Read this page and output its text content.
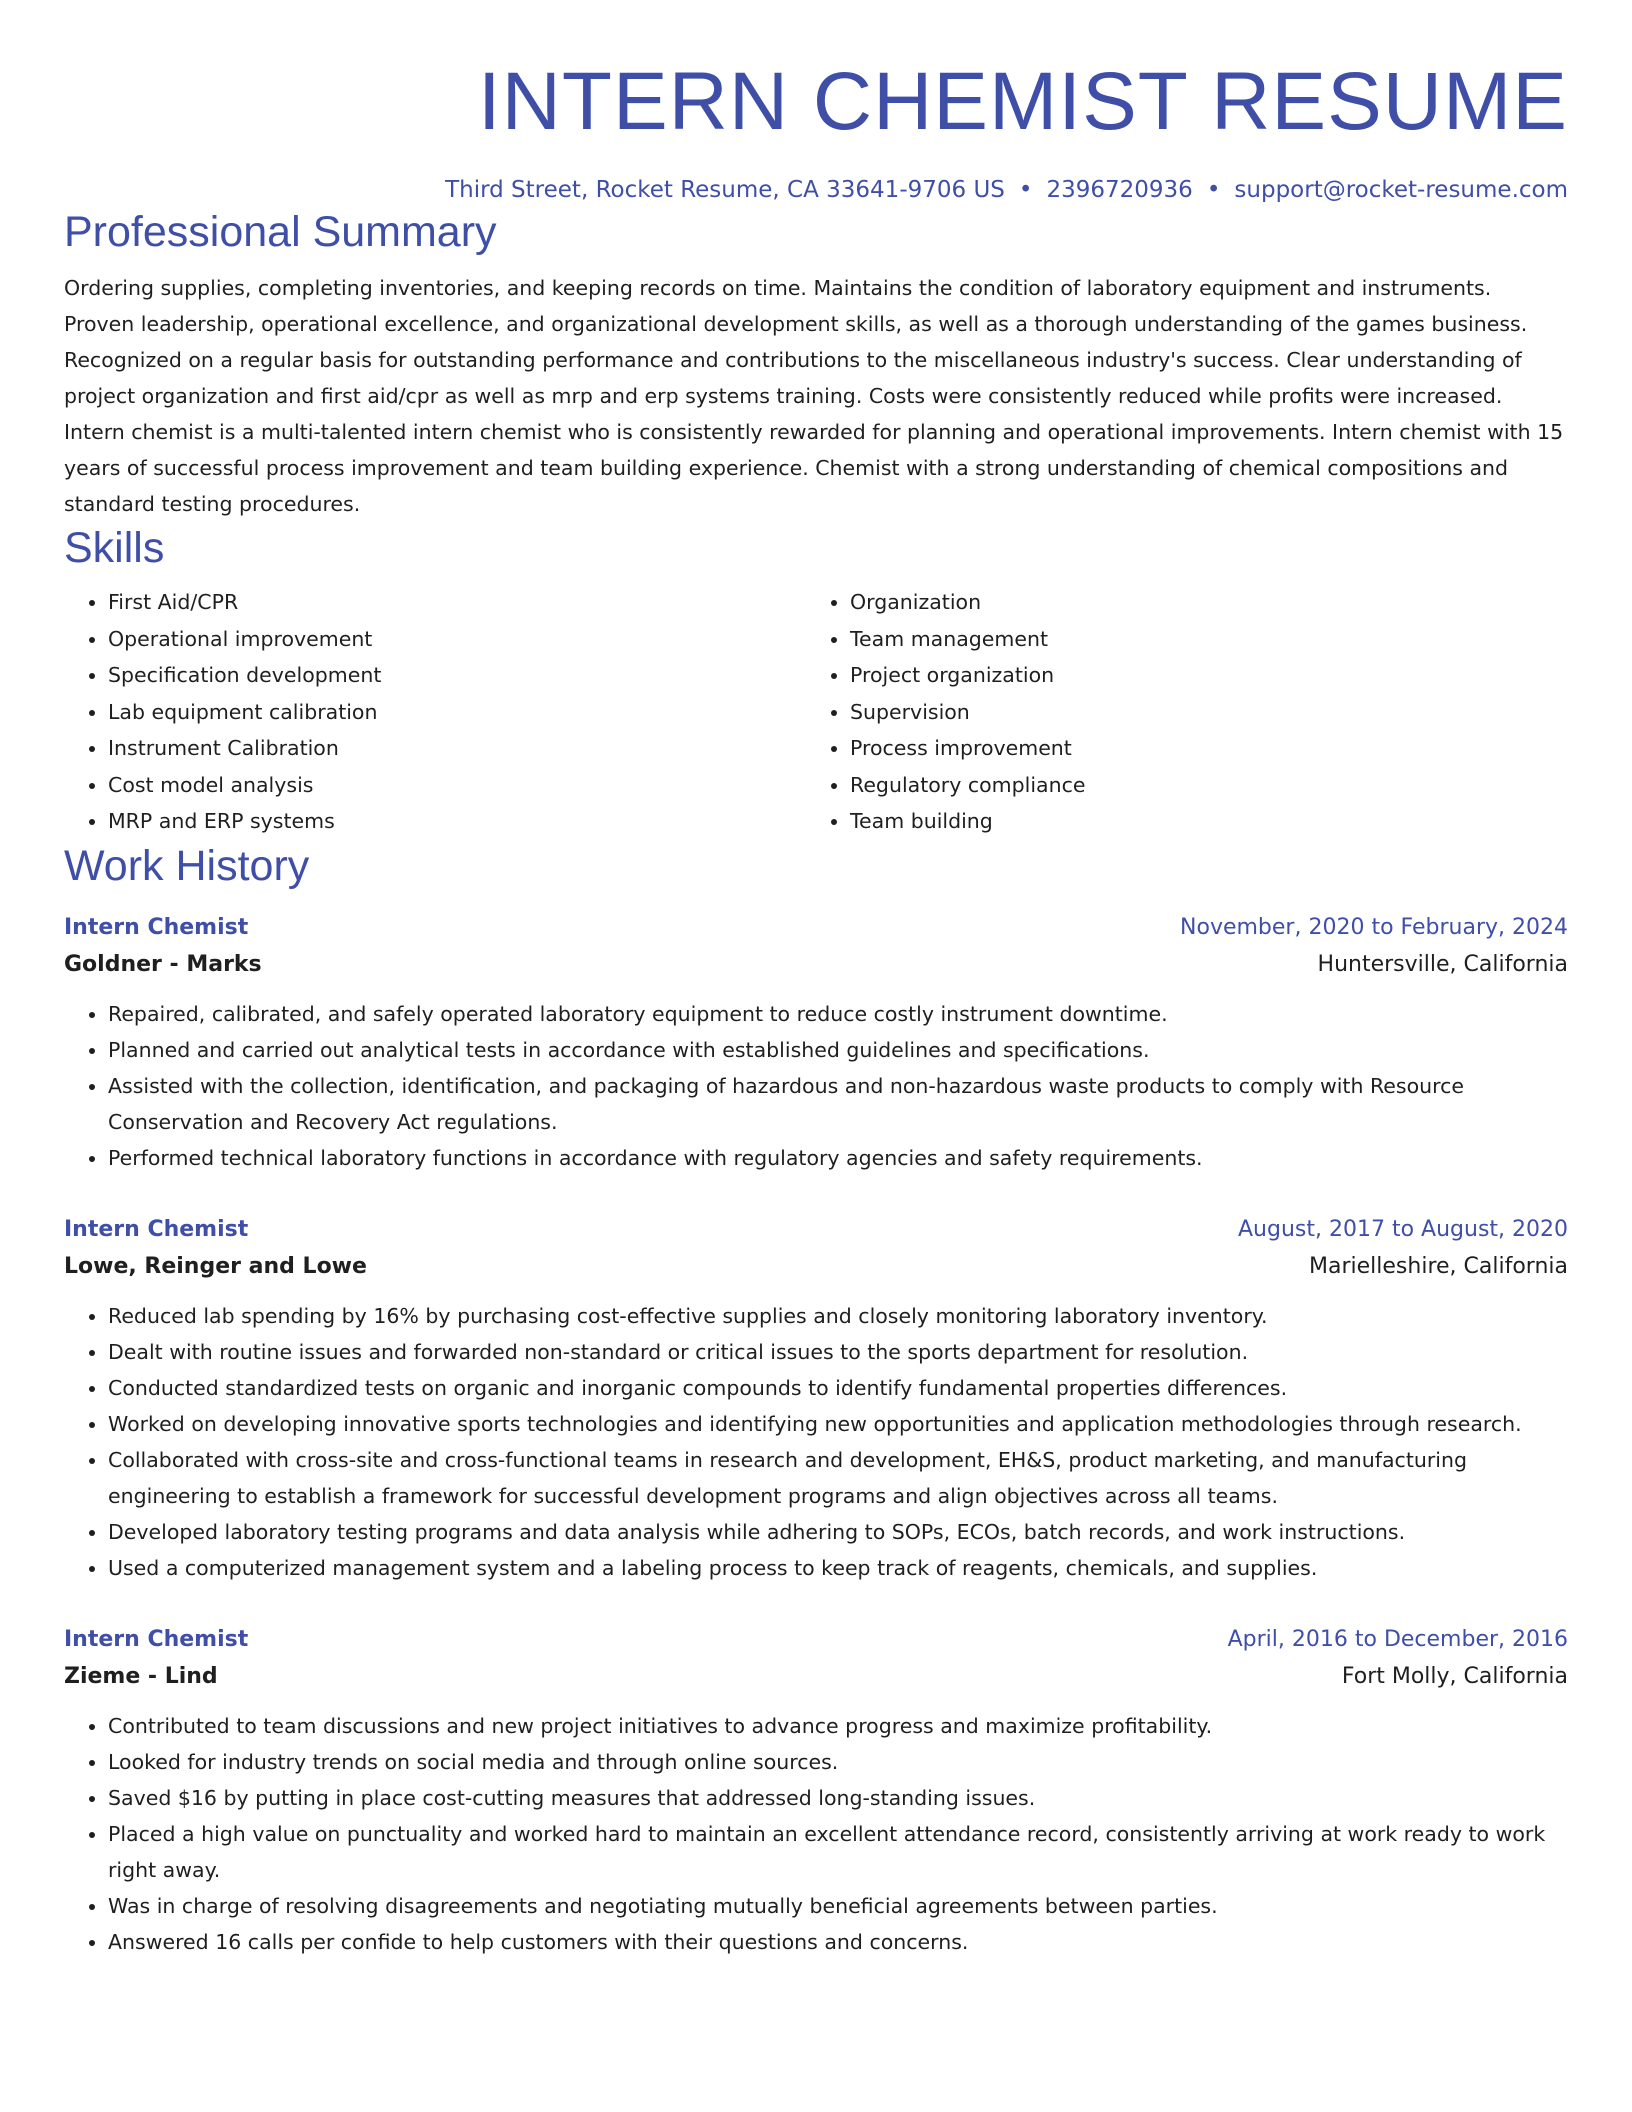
INTERN CHEMIST RESUME
Third Street, Rocket Resume, CA 33641-9706 US • 2396720936 • support@rocket-resume.com
Professional Summary

Ordering supplies, completing inventories, and keeping records on time. Maintains the condition of laboratory equipment and instruments. Proven leadership, operational excellence, and organizational development skills, as well as a thorough understanding of the games business. Recognized on a regular basis for outstanding performance and contributions to the miscellaneous industry's success. Clear understanding of project organization and first aid/cpr as well as mrp and erp systems training. Costs were consistently reduced while profits were increased. Intern chemist is a multi-talented intern chemist who is consistently rewarded for planning and operational improvements. Intern chemist with 15 years of successful process improvement and team building experience. Chemist with a strong understanding of chemical compositions and standard testing procedures.

Skills
• First Aid/CPR
• Operational improvement
• Specification development
• Lab equipment calibration
• Instrument Calibration
• Cost model analysis
• MRP and ERP systems
• Organization
• Team management
• Project organization
• Supervision
• Process improvement
• Regulatory compliance
• Team building
Work History
Intern Chemist	November, 2020 to February, 2024
Goldner - Marks	Huntersville, California
• Repaired, calibrated, and safely operated laboratory equipment to reduce costly instrument downtime.
• Planned and carried out analytical tests in accordance with established guidelines and specifications.
• Assisted with the collection, identification, and packaging of hazardous and non-hazardous waste products to comply with Resource Conservation and Recovery Act regulations.
• Performed technical laboratory functions in accordance with regulatory agencies and safety requirements.
Intern Chemist	August, 2017 to August, 2020
Lowe, Reinger and Lowe	Marielleshire, California
• Reduced lab spending by 16% by purchasing cost-effective supplies and closely monitoring laboratory inventory.
• Dealt with routine issues and forwarded non-standard or critical issues to the sports department for resolution.
• Conducted standardized tests on organic and inorganic compounds to identify fundamental properties differences.
• Worked on developing innovative sports technologies and identifying new opportunities and application methodologies through research.
• Collaborated with cross-site and cross-functional teams in research and development, EH&S, product marketing, and manufacturing engineering to establish a framework for successful development programs and align objectives across all teams.
• Developed laboratory testing programs and data analysis while adhering to SOPs, ECOs, batch records, and work instructions.
• Used a computerized management system and a labeling process to keep track of reagents, chemicals, and supplies.
Intern Chemist	April, 2016 to December, 2016
Zieme - Lind	Fort Molly, California
• Contributed to team discussions and new project initiatives to advance progress and maximize profitability.
• Looked for industry trends on social media and through online sources.
• Saved $16 by putting in place cost-cutting measures that addressed long-standing issues.
• Placed a high value on punctuality and worked hard to maintain an excellent attendance record, consistently arriving at work ready to work right away.
• Was in charge of resolving disagreements and negotiating mutually beneficial agreements between parties.
• Answered 16 calls per confide to help customers with their questions and concerns.
